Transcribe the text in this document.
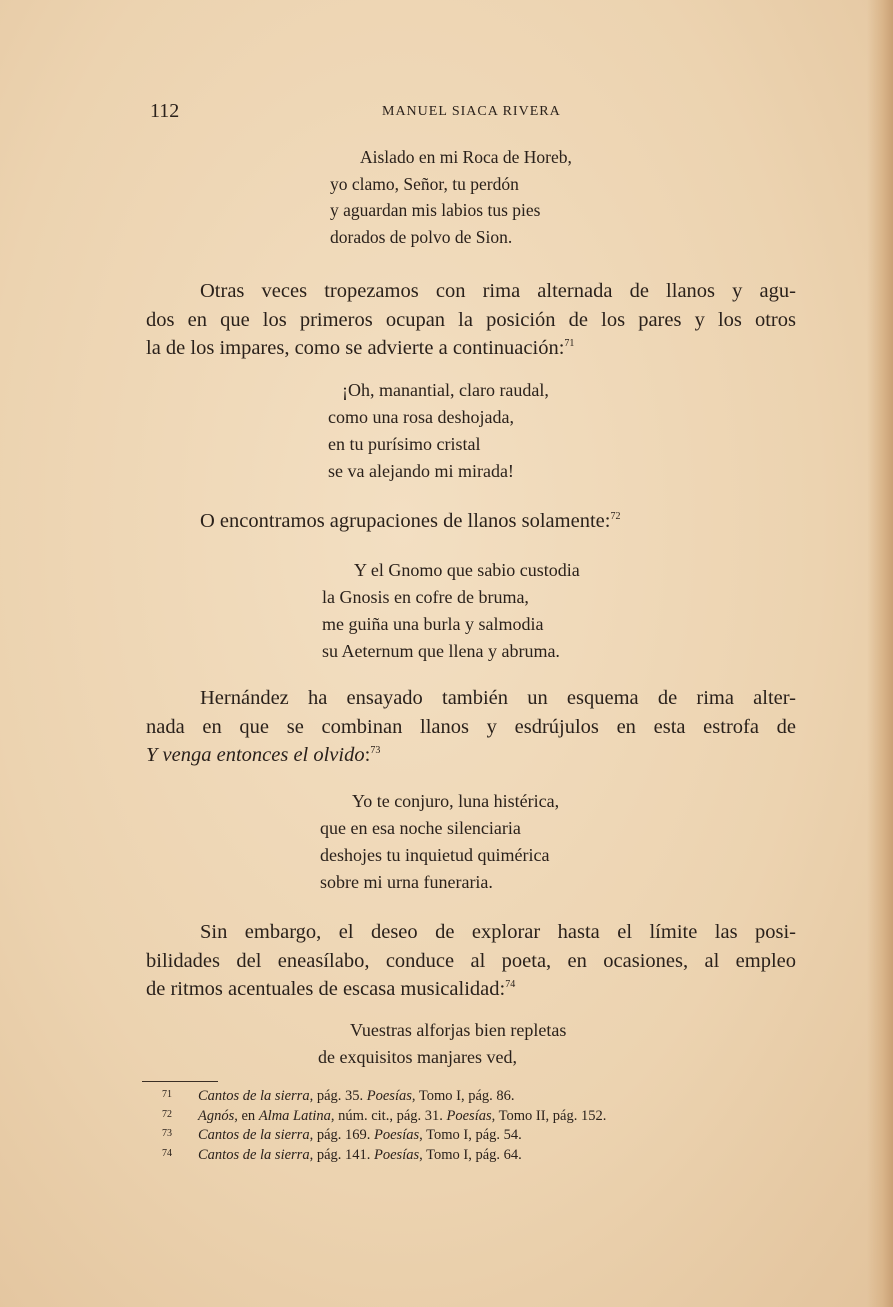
112	MANUEL SIACA RIVERA
Aislado en mi Roca de Horeb,
yo clamo, Señor, tu perdón
y aguardan mis labios tus pies
dorados de polvo de Sion.
Otras veces tropezamos con rima alternada de llanos y agu-
dos en que los primeros ocupan la posición de los pares y los otros
la de los impares, como se advierte a continuación:$^{71}$
¡Oh, manantial, claro raudal,
como una rosa deshojada,
en tu purísimo cristal
se va alejando mi mirada!
O encontramos agrupaciones de llanos solamente:$^{72}$
Y el Gnomo que sabio custodia
la Gnosis en cofre de bruma,
me guiña una burla y salmodia
su Aeternum que llena y abruma.
Hernández ha ensayado también un esquema de rima alter-
nada en que se combinan llanos y esdrújulos en esta estrofa de
Y venga entonces el olvido:$^{73}$
Yo te conjuro, luna histérica,
que en esa noche silenciaria
deshojes tu inquietud quimérica
sobre mi urna funeraria.
Sin embargo, el deseo de explorar hasta el límite las posi-
bilidades del eneasílabo, conduce al poeta, en ocasiones, al empleo
de ritmos acentuales de escasa musicalidad:$^{74}$
Vuestras alforjas bien repletas
de exquisitos manjares ved,
71 Cantos de la sierra, pág. 35. Poesías, Tomo I, pág. 86.
72 Agnós, en Alma Latina, núm. cit., pág. 31. Poesías, Tomo II, pág. 152.
73 Cantos de la sierra, pág. 169. Poesías, Tomo I, pág. 54.
74 Cantos de la sierra, pág. 141. Poesías, Tomo I, pág. 64.
